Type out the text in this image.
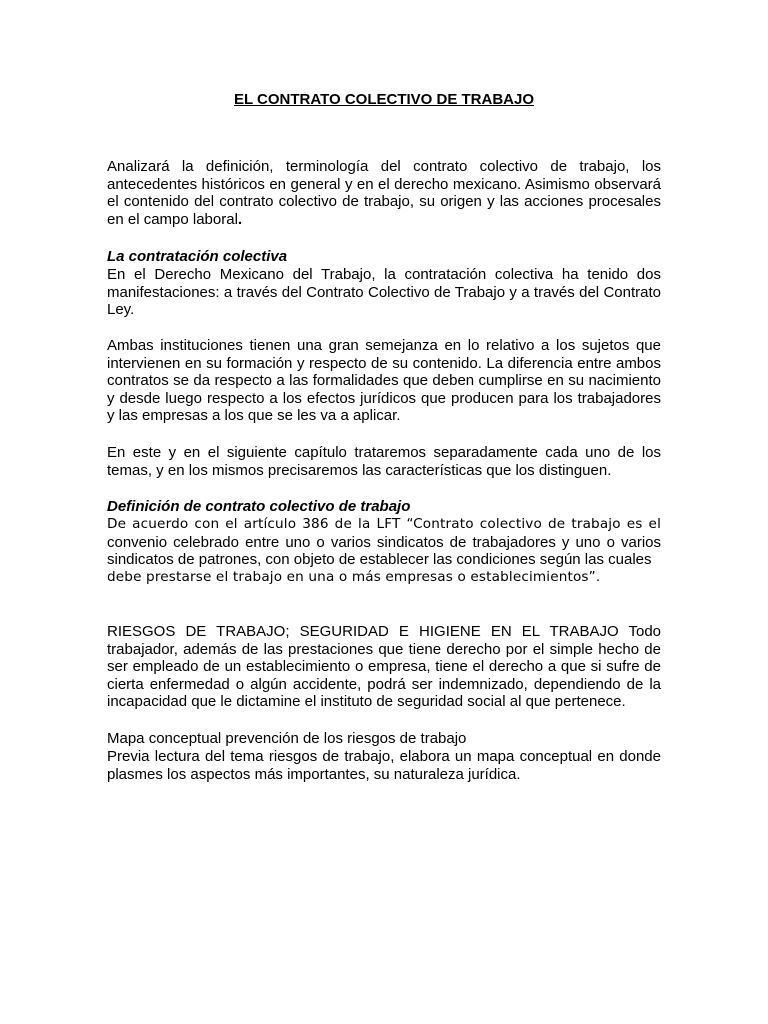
EL CONTRATO COLECTIVO DE TRABAJO

Analizará la definición, terminología del contrato colectivo de trabajo, los antecedentes históricos en general y en el derecho mexicano. Asimismo observará el contenido del contrato colectivo de trabajo, su origen y las acciones procesales en el campo laboral.

La contratación colectiva

En el Derecho Mexicano del Trabajo, la contratación colectiva ha tenido dos manifestaciones: a través del Contrato Colectivo de Trabajo y a través del Contrato Ley.

Ambas instituciones tienen una gran semejanza en lo relativo a los sujetos que intervienen en su formación y respecto de su contenido. La diferencia entre ambos contratos se da respecto a las formalidades que deben cumplirse en su nacimiento y desde luego respecto a los efectos jurídicos que producen para los trabajadores y las empresas a los que se les va a aplicar.

En este y en el siguiente capítulo trataremos separadamente cada uno de los temas, y en los mismos precisaremos las características que los distinguen.

Definición de contrato colectivo de trabajo
De acuerdo con el artículo 386 de la LFT “Contrato colectivo de trabajo es el
convenio celebrado entre uno o varios sindicatos de trabajadores y uno o varios sindicatos de patrones, con objeto de establecer las condiciones según las cuales
debe prestarse el trabajo en una o más empresas o establecimientos”.

RIESGOS DE TRABAJO; SEGURIDAD E HIGIENE EN EL TRABAJO Todo trabajador, además de las prestaciones que tiene derecho por el simple hecho de ser empleado de un establecimiento o empresa, tiene el derecho a que si sufre de cierta enfermedad o algún accidente, podrá ser indemnizado, dependiendo de la incapacidad que le dictamine el instituto de seguridad social al que pertenece.

Mapa conceptual prevención de los riesgos de trabajo

Previa lectura del tema riesgos de trabajo, elabora un mapa conceptual en donde plasmes los aspectos más importantes, su naturaleza jurídica.
